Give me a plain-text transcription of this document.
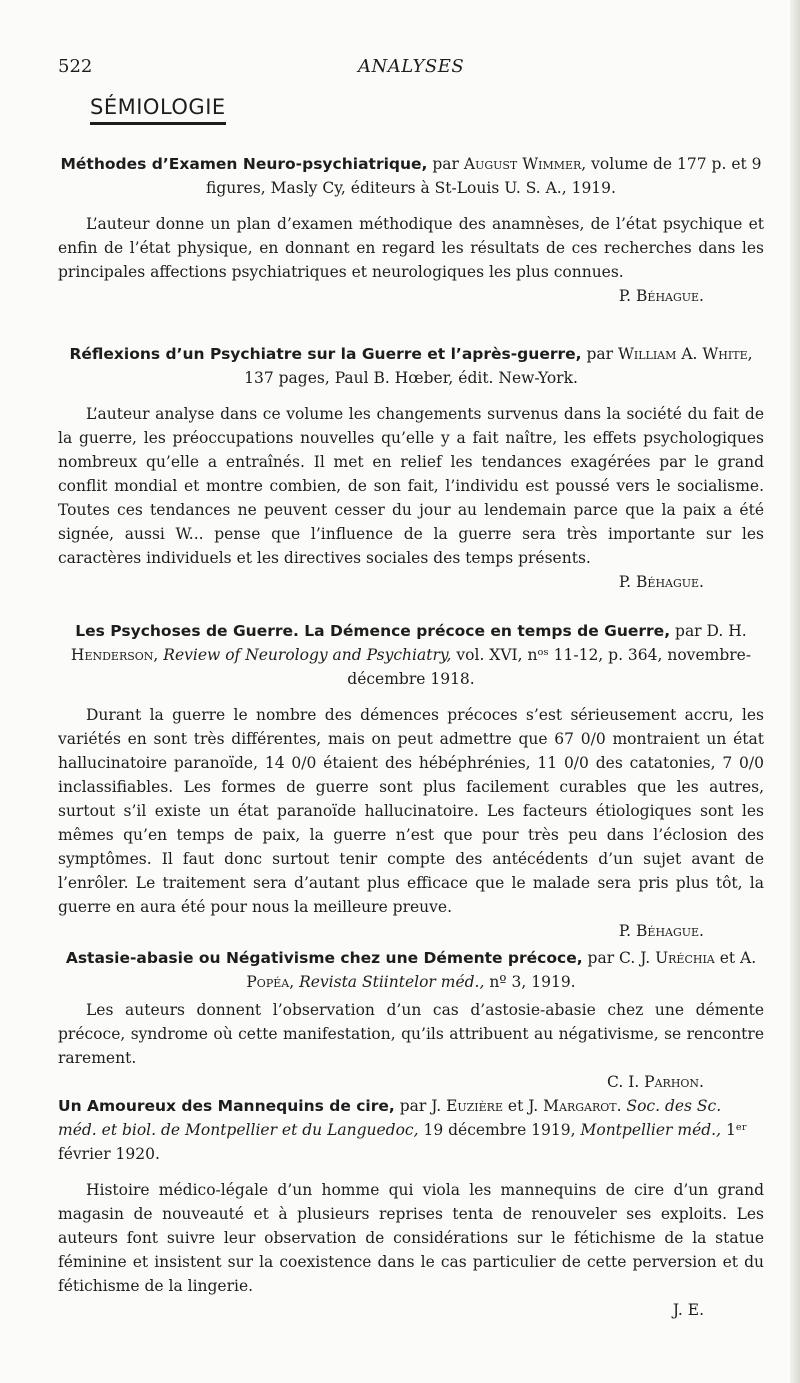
522	ANALYSES
SÉMIOLOGIE

Méthodes d’Examen Neuro-psychiatrique, par August Wimmer, volume de 177 p. et 9 figures, Masly Cy, éditeurs à St-Louis U. S. A., 1919.

L’auteur donne un plan d’examen méthodique des anamnèses, de l’état psychique et enfin de l’état physique, en donnant en regard les résultats de ces recherches dans les principales affections psychiatriques et neurologiques les plus connues.

P. Béhague.

Réflexions d’un Psychiatre sur la Guerre et l’après-guerre, par William A. White, 137 pages, Paul B. Hœber, édit. New-York.

L’auteur analyse dans ce volume les changements survenus dans la société du fait de la guerre, les préoccupations nouvelles qu’elle y a fait naître, les effets psychologiques nombreux qu’elle a entraînés. Il met en relief les tendances exagérées par le grand conflit mondial et montre combien, de son fait, l’individu est poussé vers le socialisme. Toutes ces tendances ne peuvent cesser du jour au lendemain parce que la paix a été signée, aussi W... pense que l’influence de la guerre sera très importante sur les caractères individuels et les directives sociales des temps présents.

P. Béhague.

Les Psychoses de Guerre. La Démence précoce en temps de Guerre, par D. H. Henderson, Review of Neurology and Psychiatry, vol. XVI, nᵒˢ 11-12, p. 364, novembre-décembre 1918.

Durant la guerre le nombre des démences précoces s’est sérieusement accru, les variétés en sont très différentes, mais on peut admettre que 67 0/0 montraient un état hallucinatoire paranoïde, 14 0/0 étaient des hébéphrénies, 11 0/0 des catatonies, 7 0/0 inclassifiables. Les formes de guerre sont plus facilement curables que les autres, surtout s’il existe un état paranoïde hallucinatoire. Les facteurs étiologiques sont les mêmes qu’en temps de paix, la guerre n’est que pour très peu dans l’éclosion des symptômes. Il faut donc surtout tenir compte des antécédents d’un sujet avant de l’enrôler. Le traitement sera d’autant plus efficace que le malade sera pris plus tôt, la guerre en aura été pour nous la meilleure preuve.

P. Béhague.

Astasie-abasie ou Négativisme chez une Démente précoce, par C. J. Uréchia et A. Popéa, Revista Stiintelor méd., nº 3, 1919.

Les auteurs donnent l’observation d’un cas d’astosie-abasie chez une démente précoce, syndrome où cette manifestation, qu’ils attribuent au négativisme, se rencontre rarement.

C. I. Parhon.

Un Amoureux des Mannequins de cire, par J. Euzière et J. Margarot. Soc. des Sc. méd. et biol. de Montpellier et du Languedoc, 19 décembre 1919, Montpellier méd., 1ᵉʳ février 1920.

Histoire médico-légale d’un homme qui viola les mannequins de cire d’un grand magasin de nouveauté et à plusieurs reprises tenta de renouveler ses exploits. Les auteurs font suivre leur observation de considérations sur le fétichisme de la statue féminine et insistent sur la coexistence dans le cas particulier de cette perversion et du fétichisme de la lingerie.

J. E.
